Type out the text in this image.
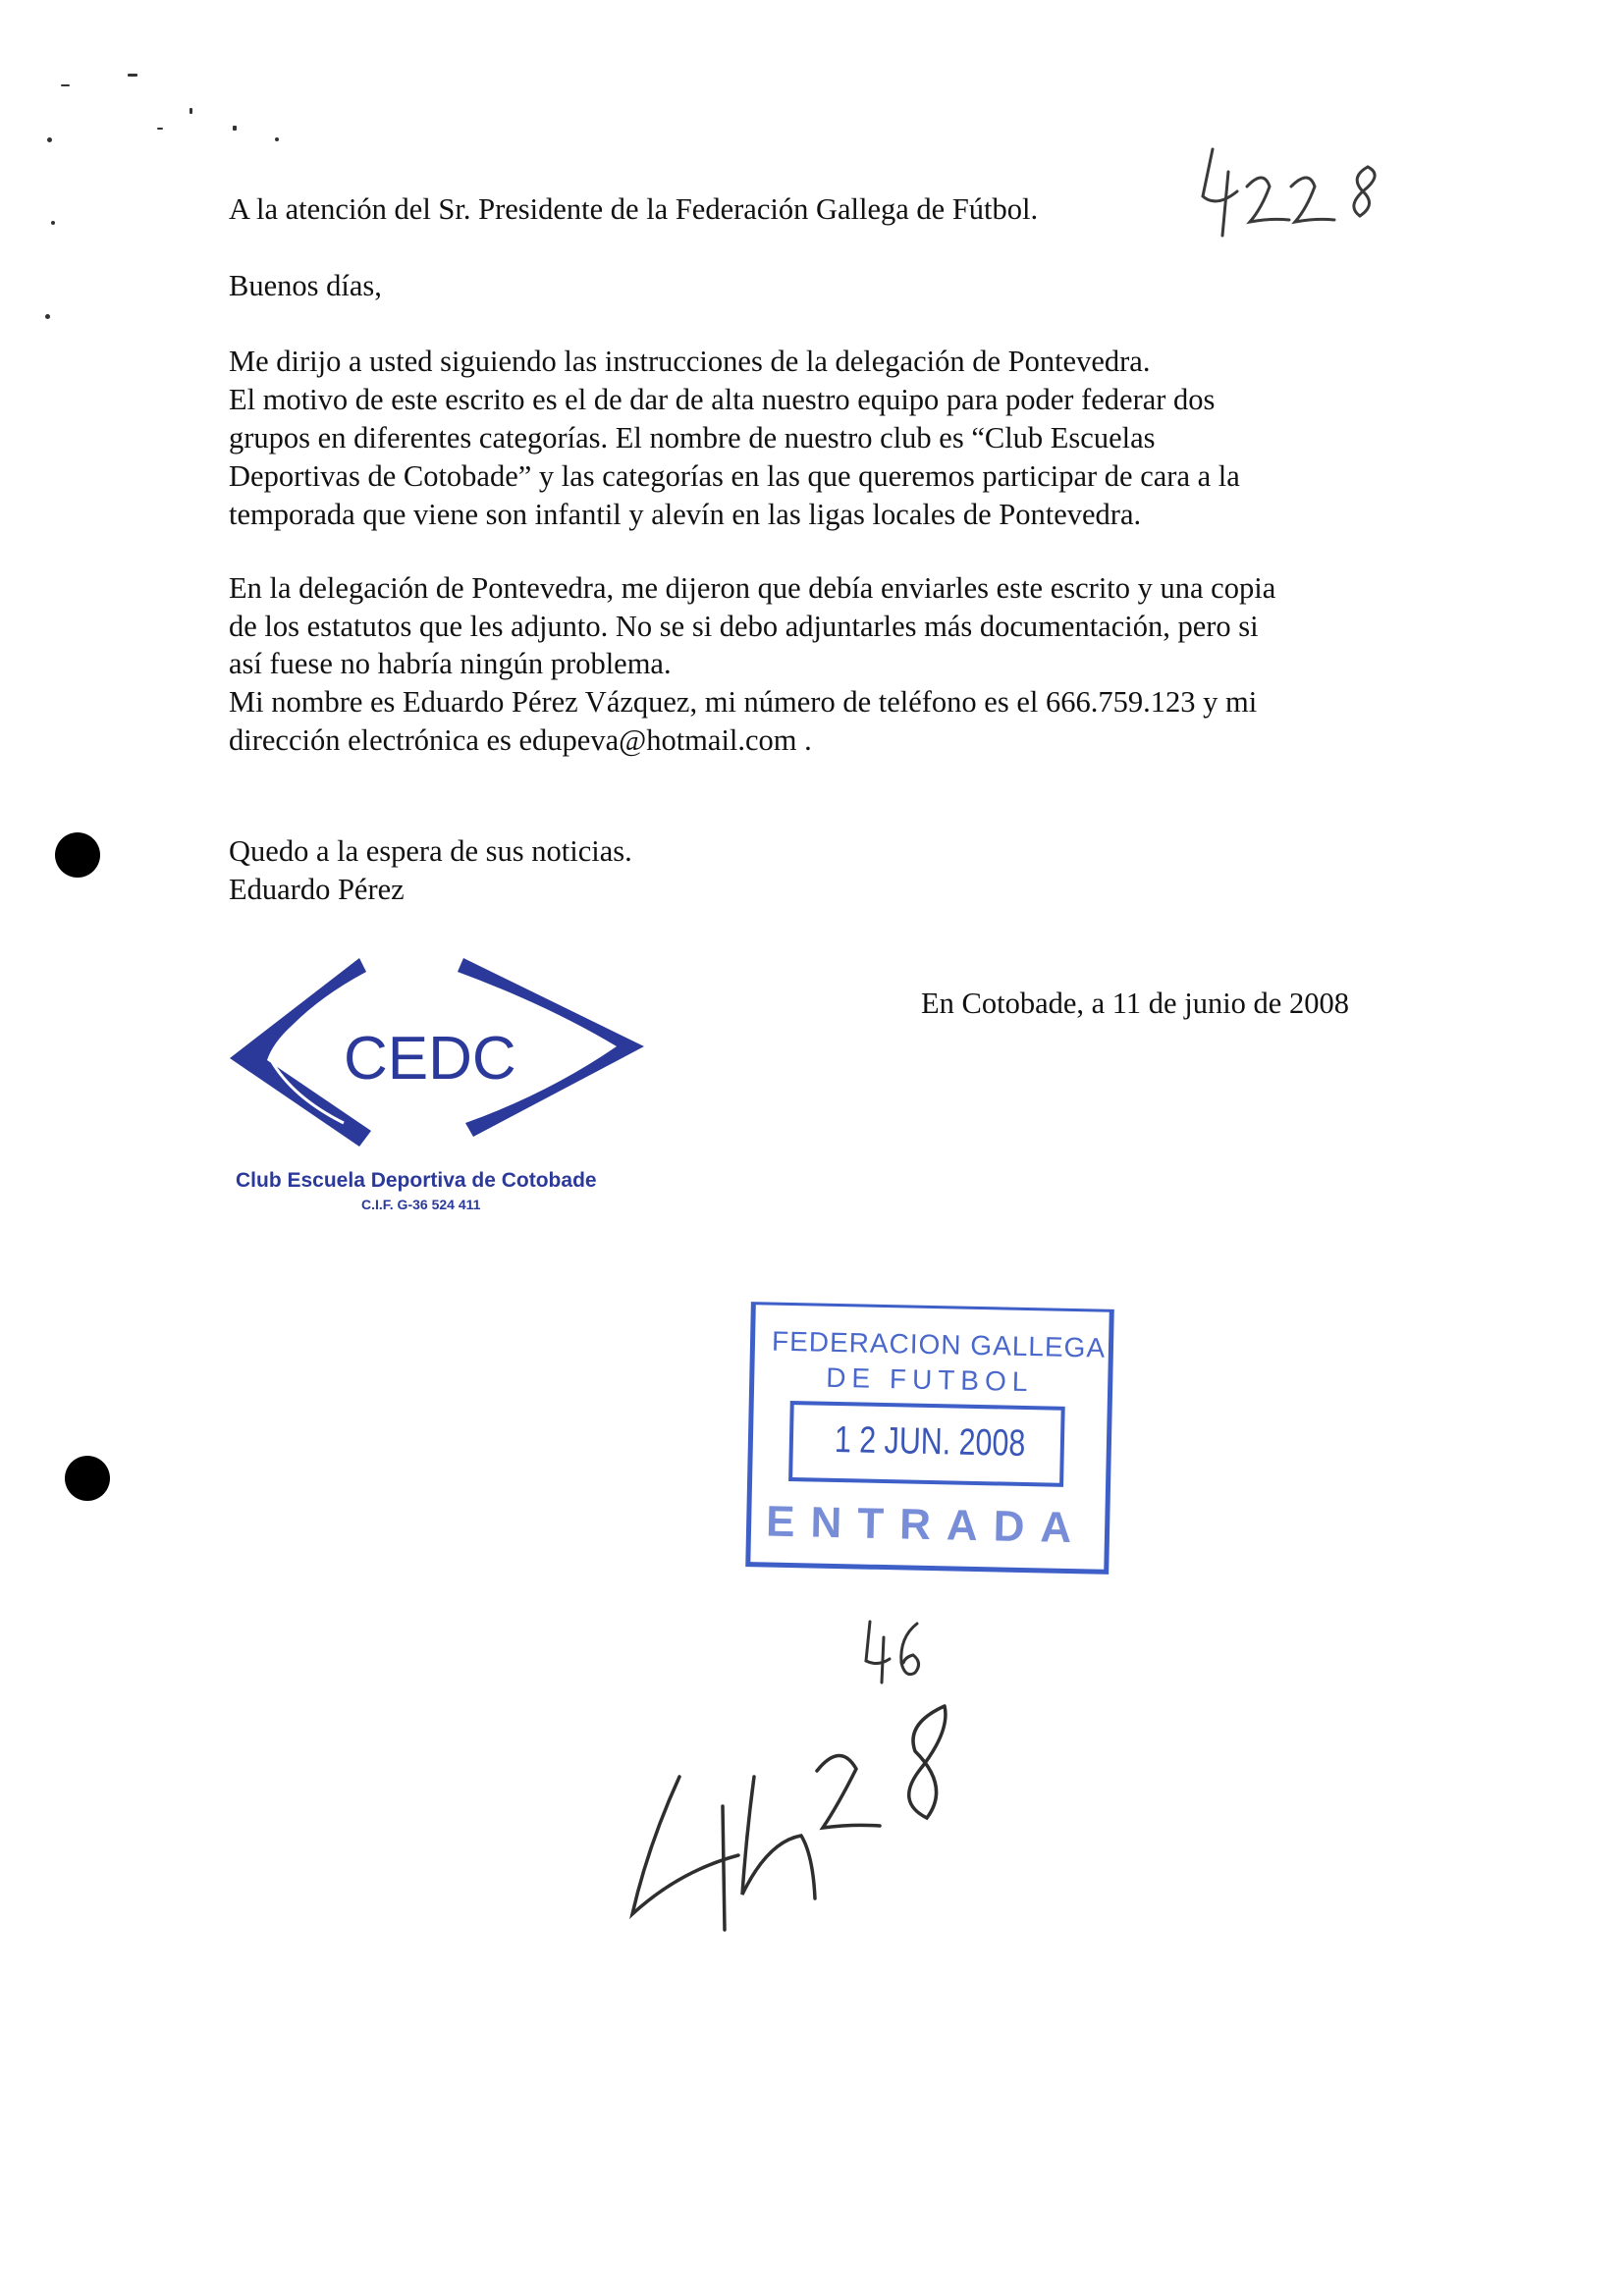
A la atención del Sr. Presidente de la Federación Gallega de Fútbol.
Buenos días,
Me dirijo a usted siguiendo las instrucciones de la delegación de Pontevedra.
El motivo de este escrito es el de dar de alta nuestro equipo para poder federar dos
grupos en diferentes categorías. El nombre de nuestro club es “Club Escuelas
Deportivas de Cotobade” y las categorías en las que queremos participar de cara a la
temporada que viene son infantil y alevín en las ligas locales de Pontevedra.
En la delegación de Pontevedra, me dijeron que debía enviarles este escrito y una copia
de los estatutos que les adjunto. No se si debo adjuntarles más documentación, pero si
así fuese no habría ningún problema.
Mi nombre es Eduardo Pérez Vázquez, mi número de teléfono es el 666.759.123 y mi
dirección electrónica es edupeva@hotmail.com .
Quedo a la espera de sus noticias.
Eduardo Pérez
En Cotobade, a 11 de junio de 2008
CEDC
Club Escuela Deportiva de Cotobade
C.I.F. G-36 524 411
FEDERACION GALLEGA
DE FUTBOL
1 2 JUN. 2008
ENTRADA
